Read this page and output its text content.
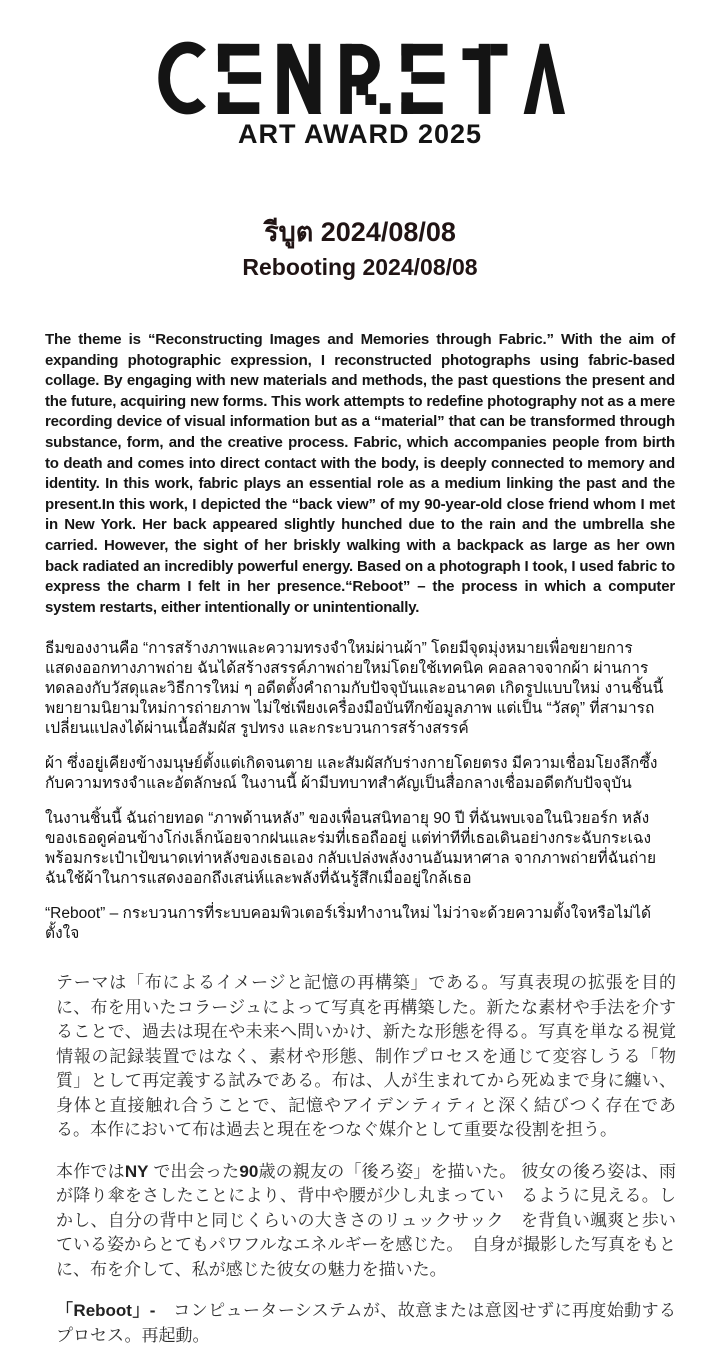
ART AWARD 2025
รีบูต 2024/08/08
Rebooting 2024/08/08

The theme is “Reconstructing Images and Memories through Fabric.” With the aim of expanding photographic expression, I reconstructed photographs using fabric-based collage. By engaging with new materials and methods, the past questions the present and the future, acquiring new forms. This work attempts to redefine photography not as a mere recording device of visual information but as a “material” that can be transformed through substance, form, and the creative process. Fabric, which accompanies people from birth to death and comes into direct contact with the body, is deeply connected to memory and identity. In this work, fabric plays an essential role as a medium linking the past and the present.In this work, I depicted the “back view” of my 90-year-old close friend whom I met in New York. Her back appeared slightly hunched due to the rain and the umbrella she carried. However, the sight of her briskly walking with a backpack as large as her own back radiated an incredibly powerful energy. Based on a photograph I took, I used fabric to express the charm I felt in her presence.“Reboot” – the process in which a computer system restarts, either intentionally or unintentionally.

ธีมของงานคือ “การสร้างภาพและความทรงจำใหม่ผ่านผ้า” โดยมีจุดมุ่งหมายเพื่อขยายการแสดงออกทางภาพถ่าย ฉันได้สร้างสรรค์ภาพถ่ายใหม่โดยใช้เทคนิค คอลลาจจากผ้า ผ่านการทดลองกับวัสดุและวิธีการใหม่ ๆ อดีตตั้งคำถามกับปัจจุบันและอนาคต เกิดรูปแบบใหม่ งานชิ้นนี้พยายามนิยามใหม่การถ่ายภาพ ไม่ใช่เพียงเครื่องมือบันทึกข้อมูลภาพ แต่เป็น “วัสดุ” ที่สามารถเปลี่ยนแปลงได้ผ่านเนื้อสัมผัส รูปทรง และกระบวนการสร้างสรรค์

ผ้า ซึ่งอยู่เคียงข้างมนุษย์ตั้งแต่เกิดจนตาย และสัมผัสกับร่างกายโดยตรง มีความเชื่อมโยงลึกซึ้งกับความทรงจำและอัตลักษณ์ ในงานนี้ ผ้ามีบทบาทสำคัญเป็นสื่อกลางเชื่อมอดีตกับปัจจุบัน

ในงานชิ้นนี้ ฉันถ่ายทอด “ภาพด้านหลัง” ของเพื่อนสนิทอายุ 90 ปี ที่ฉันพบเจอในนิวยอร์ก หลังของเธอดูค่อนข้างโก่งเล็กน้อยจากฝนและร่มที่เธอถืออยู่ แต่ท่าทีที่เธอเดินอย่างกระฉับกระเฉงพร้อมกระเป๋าเป้ขนาดเท่าหลังของเธอเอง กลับเปล่งพลังงานอันมหาศาล จากภาพถ่ายที่ฉันถ่าย ฉันใช้ผ้าในการแสดงออกถึงเสน่ห์และพลังที่ฉันรู้สึกเมื่ออยู่ใกล้เธอ

“Reboot” – กระบวนการที่ระบบคอมพิวเตอร์เริ่มทำงานใหม่ ไม่ว่าจะด้วยความตั้งใจหรือไม่ได้ตั้งใจ

テーマは「布によるイメージと記憶の再構築」である。写真表現の拡張を目的に、布を用いたコラージュによって写真を再構築した。新たな素材や手法を介することで、過去は現在や未来へ問いかけ、新たな形態を得る。写真を単なる視覚情報の記録装置ではなく、素材や形態、制作プロセスを通じて変容しうる「物質」として再定義する試みである。布は、人が生まれてから死ぬまで身に纏い、身体と直接触れ合うことで、記憶やアイデンティティと深く結びつく存在である。本作において布は過去と現在をつなぐ媒介として重要な役割を担う。

本作ではNY で出会った90歳の親友の「後ろ姿」を描いた。 彼女の後ろ姿は、雨が降り傘をさしたことにより、背中や腰が少し丸まってい　るように見える。しかし、自分の背中と同じくらいの大きさのリュックサック　を背負い颯爽と歩いている姿からとてもパワフルなエネルギーを感じた。　自身が撮影した写真をもとに、布を介して、私が感じた彼女の魅力を描いた。

「Reboot」-　コンピューターシステムが、故意または意図せずに再度始動するプロセス。再起動。
